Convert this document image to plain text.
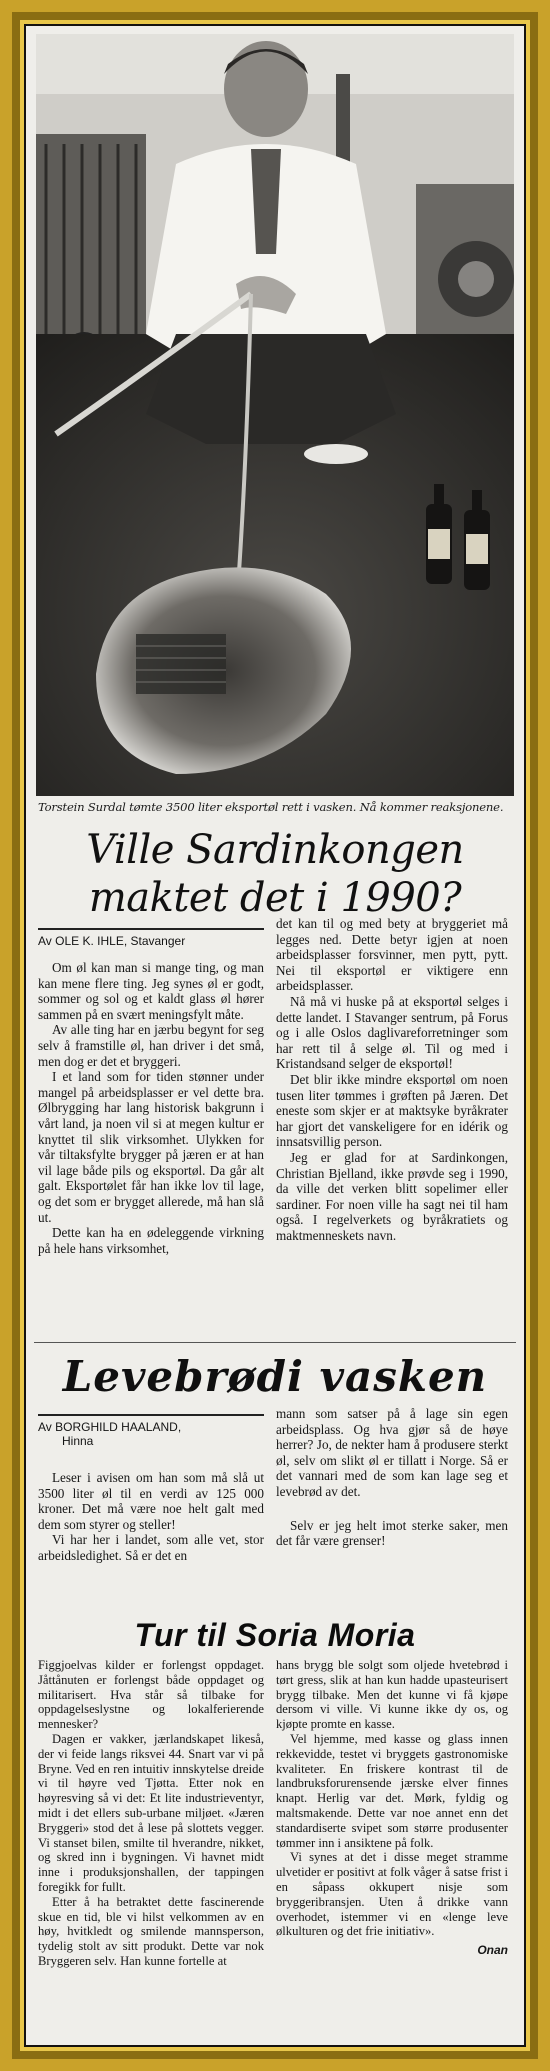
Torstein Surdal tømte 3500 liter eksportøl rett i vasken. Nå kommer reaksjonene.
Ville Sardinkongen
maktet det i 1990?
Av OLE K. IHLE, Stavanger

Om øl kan man si mange ting, og man kan mene flere ting. Jeg synes øl er godt, sommer og sol og et kaldt glass øl hører sammen på en svært meningsfylt måte.

Av alle ting har en jærbu begynt for seg selv å framstille øl, han driver i det små, men dog er det et bryggeri.

I et land som for tiden stønner under mangel på arbeidsplasser er vel dette bra. Ølbrygging har lang historisk bakgrunn i vårt land, ja noen vil si at megen kultur er knyttet til slik virksomhet. Ulykken for vår tiltaksfylte brygger på jæren er at han vil lage både pils og eksportøl. Da går alt galt. Eksportølet får han ikke lov til lage, og det som er brygget allerede, må han slå ut.

Dette kan ha en ødeleggende virkning på hele hans virksomhet,

det kan til og med bety at bryggeriet må legges ned. Dette betyr igjen at noen arbeidsplasser forsvinner, men pytt, pytt. Nei til eksportøl er viktigere enn arbeidsplasser.

Nå må vi huske på at eksportøl selges i dette landet. I Stavanger sentrum, på Forus og i alle Oslos daglivareforretninger som har rett til å selge øl. Til og med i Kristandsand selger de eksportøl!

Det blir ikke mindre eksportøl om noen tusen liter tømmes i grøften på Jæren. Det eneste som skjer er at maktsyke byråkrater har gjort det vanskeligere for en idérik og innsatsvillig person.

Jeg er glad for at Sardinkongen, Christian Bjelland, ikke prøvde seg i 1990, da ville det verken blitt sopelimer eller sardiner. For noen ville ha sagt nei til ham også. I regelverkets og byråkratiets og maktmenneskets navn.

Levebrødi vasken
Av BORGHILD HAALAND,
Hinna

Leser i avisen om han som må slå ut 3500 liter øl til en verdi av 125 000 kroner. Det må være noe helt galt med dem som styrer og steller!

Vi har her i landet, som alle vet, stor arbeidsledighet. Så er det en

mann som satser på å lage sin egen arbeidsplass. Og hva gjør så de høye herrer? Jo, de nekter ham å produsere sterkt øl, selv om slikt øl er tillatt i Norge. Så er det vannari med de som kan lage seg et levebrød av det.

Selv er jeg helt imot sterke saker, men det får være grenser!

Tur til Soria Moria

Figgjoelvas kilder er forlengst oppdaget. Jåttånuten er forlengst både oppdaget og militarisert. Hva står så tilbake for oppdagelseslystne og lokalferierende mennesker?

Dagen er vakker, jærlandskapet likeså, der vi feide langs riksvei 44. Snart var vi på Bryne. Ved en ren intuitiv innskytelse dreide vi til høyre ved Tjøtta. Etter nok en høyresving så vi det: Et lite industrieventyr, midt i det ellers sub-urbane miljøet. «Jæren Bryggeri» stod det å lese på slottets vegger. Vi stanset bilen, smilte til hverandre, nikket, og skred inn i bygningen. Vi havnet midt inne i produksjonshallen, der tappingen foregikk for fullt.

Etter å ha betraktet dette fascinerende skue en tid, ble vi hilst velkommen av en høy, hvitkledt og smilende mannsperson, tydelig stolt av sitt produkt. Dette var nok Bryggeren selv. Han kunne fortelle at

hans brygg ble solgt som oljede hvetebrød i tørt gress, slik at han kun hadde upasteurisert brygg tilbake. Men det kunne vi få kjøpe dersom vi ville. Vi kunne ikke dy os, og kjøpte promte en kasse.

Vel hjemme, med kasse og glass innen rekkevidde, testet vi bryggets gastronomiske kvaliteter. En friskere kontrast til de landbruksforurensende jærske elver finnes knapt. Herlig var det. Mørk, fyldig og maltsmakende. Dette var noe annet enn det standardiserte svipet som større produsenter tømmer inn i ansiktene på folk.

Vi synes at det i disse meget stramme ulvetider er positivt at folk våger å satse frist i en såpass okkupert nisje som bryggeribransjen. Uten å drikke vann overhodet, istemmer vi en «lenge leve ølkulturen og det frie initiativ».

Onan
